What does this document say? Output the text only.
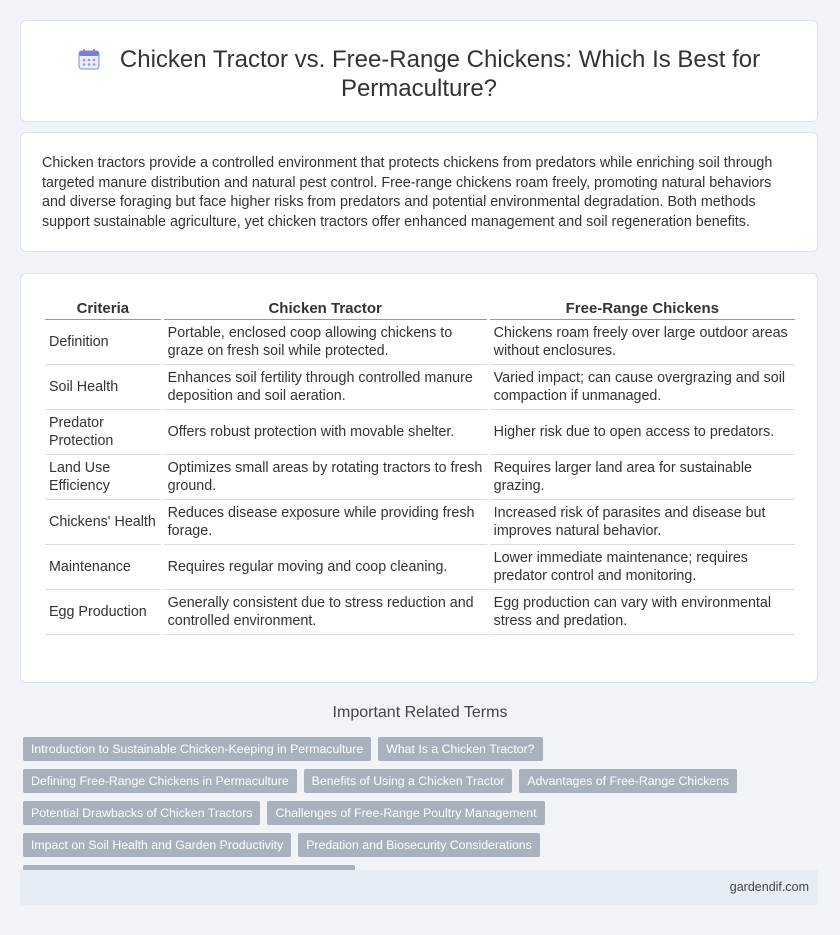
Chicken Tractor vs. Free-Range Chickens: Which Is Best for Permaculture?

Chicken tractors provide a controlled environment that protects chickens from predators while enriching soil through targeted manure distribution and natural pest control. Free-range chickens roam freely, promoting natural behaviors and diverse foraging but face higher risks from predators and potential environmental degradation. Both methods support sustainable agriculture, yet chicken tractors offer enhanced management and soil regeneration benefits.

Criteria	Chicken Tractor	Free-Range Chickens
Definition	Portable, enclosed coop allowing chickens to graze on fresh soil while protected.	Chickens roam freely over large outdoor areas without enclosures.
Soil Health	Enhances soil fertility through controlled manure deposition and soil aeration.	Varied impact; can cause overgrazing and soil compaction if unmanaged.
Predator Protection	Offers robust protection with movable shelter.	Higher risk due to open access to predators.
Land Use Efficiency	Optimizes small areas by rotating tractors to fresh ground.	Requires larger land area for sustainable grazing.
Chickens' Health	Reduces disease exposure while providing fresh forage.	Increased risk of parasites and disease but improves natural behavior.
Maintenance	Requires regular moving and coop cleaning.	Lower immediate maintenance; requires predator control and monitoring.
Egg Production	Generally consistent due to stress reduction and controlled environment.	Egg production can vary with environmental stress and predation.
Important Related Terms
Introduction to Sustainable Chicken-Keeping in Permaculture	What Is a Chicken Tractor?
Defining Free-Range Chickens in Permaculture	Benefits of Using a Chicken Tractor	Advantages of Free-Range Chickens
Potential Drawbacks of Chicken Tractors	Challenges of Free-Range Poultry Management
Impact on Soil Health and Garden Productivity	Predation and Biosecurity Considerations
gardendif.com
